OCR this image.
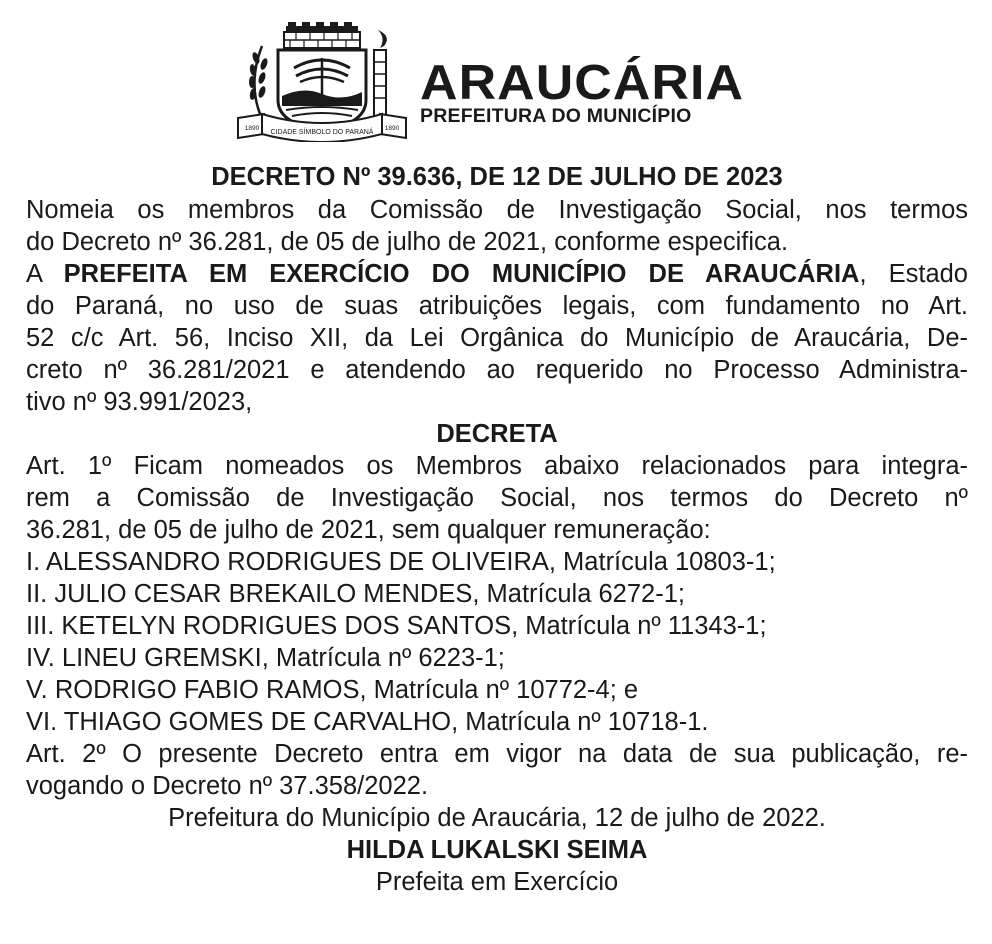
CIDADE SÍMBOLO DO PARANÁ
1890	1890
ARAUCÁRIA
PREFEITURA DO MUNICÍPIO
DECRETO Nº 39.636, DE 12 DE JULHO DE 2023
Nomeia os membros da Comissão de Investigação Social, nos termos
do Decreto nº 36.281, de 05 de julho de 2021, conforme especifica.
A PREFEITA EM EXERCÍCIO DO MUNICÍPIO DE ARAUCÁRIA, Estado
do Paraná, no uso de suas atribuições legais, com fundamento no Art.
52 c/c Art. 56, Inciso XII, da Lei Orgânica do Município de Araucária, De-
creto nº 36.281/2021 e atendendo ao requerido no Processo Administra-
tivo nº 93.991/2023,
DECRETA
Art. 1º Ficam nomeados os Membros abaixo relacionados para integra-
rem a Comissão de Investigação Social, nos termos do Decreto nº
36.281, de 05 de julho de 2021, sem qualquer remuneração:
I. ALESSANDRO RODRIGUES DE OLIVEIRA, Matrícula 10803-1;
II. JULIO CESAR BREKAILO MENDES, Matrícula 6272-1;
III. KETELYN RODRIGUES DOS SANTOS, Matrícula nº 11343-1;
IV. LINEU GREMSKI, Matrícula nº 6223-1;
V. RODRIGO FABIO RAMOS, Matrícula nº 10772-4; e
VI. THIAGO GOMES DE CARVALHO, Matrícula nº 10718-1.
Art. 2º O presente Decreto entra em vigor na data de sua publicação, re-
vogando o Decreto nº 37.358/2022.
Prefeitura do Município de Araucária, 12 de julho de 2022.
HILDA LUKALSKI SEIMA
Prefeita em Exercício
